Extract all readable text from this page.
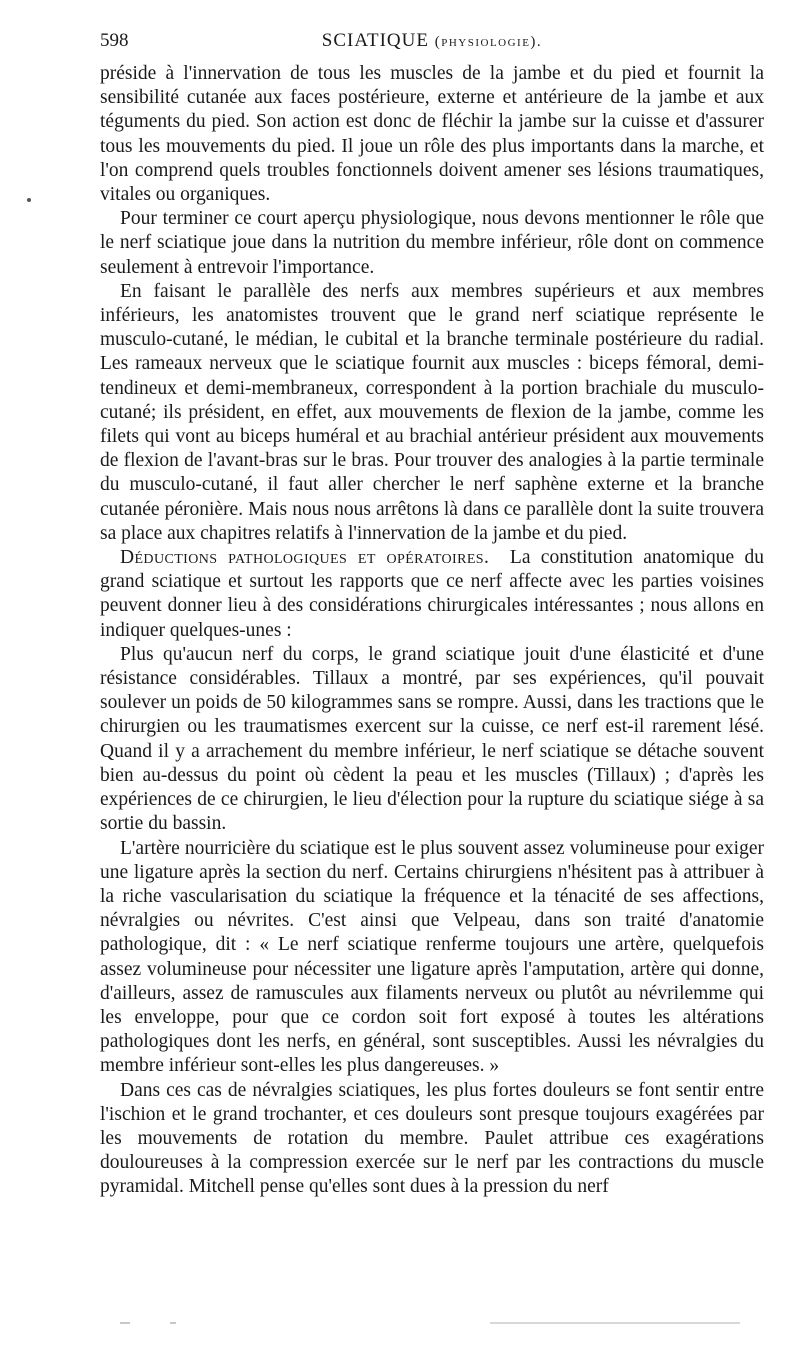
598	SCIATIQUE (physiologie).

préside à l'innervation de tous les muscles de la jambe et du pied et fournit la sensibilité cutanée aux faces postérieure, externe et antérieure de la jambe et aux téguments du pied. Son action est donc de fléchir la jambe sur la cuisse et d'assurer tous les mouvements du pied. Il joue un rôle des plus importants dans la marche, et l'on comprend quels troubles fonctionnels doivent amener ses lésions traumatiques, vitales ou organiques.

Pour terminer ce court aperçu physiologique, nous devons mentionner le rôle que le nerf sciatique joue dans la nutrition du membre inférieur, rôle dont on commence seulement à entrevoir l'importance.

En faisant le parallèle des nerfs aux membres supérieurs et aux membres inférieurs, les anatomistes trouvent que le grand nerf sciatique représente le musculo-cutané, le médian, le cubital et la branche terminale postérieure du radial. Les rameaux nerveux que le sciatique fournit aux muscles : biceps fémoral, demi-tendineux et demi-membraneux, correspondent à la portion brachiale du musculo-cutané; ils président, en effet, aux mouvements de flexion de la jambe, comme les filets qui vont au biceps huméral et au brachial antérieur président aux mouvements de flexion de l'avant-bras sur le bras. Pour trouver des analogies à la partie terminale du musculo-cutané, il faut aller chercher le nerf saphène externe et la branche cutanée péronière. Mais nous nous arrêtons là dans ce parallèle dont la suite trouvera sa place aux chapitres relatifs à l'innervation de la jambe et du pied.

Déductions pathologiques et opératoires. La constitution anatomique du grand sciatique et surtout les rapports que ce nerf affecte avec les parties voisines peuvent donner lieu à des considérations chirurgicales intéressantes ; nous allons en indiquer quelques-unes :

Plus qu'aucun nerf du corps, le grand sciatique jouit d'une élasticité et d'une résistance considérables. Tillaux a montré, par ses expériences, qu'il pouvait soulever un poids de 50 kilogrammes sans se rompre. Aussi, dans les tractions que le chirurgien ou les traumatismes exercent sur la cuisse, ce nerf est-il rarement lésé. Quand il y a arrachement du membre inférieur, le nerf sciatique se détache souvent bien au-dessus du point où cèdent la peau et les muscles (Tillaux) ; d'après les expériences de ce chirurgien, le lieu d'élection pour la rupture du sciatique siége à sa sortie du bassin.

L'artère nourricière du sciatique est le plus souvent assez volumineuse pour exiger une ligature après la section du nerf. Certains chirurgiens n'hésitent pas à attribuer à la riche vascularisation du sciatique la fréquence et la ténacité de ses affections, névralgies ou névrites. C'est ainsi que Velpeau, dans son traité d'anatomie pathologique, dit : « Le nerf sciatique renferme toujours une artère, quelquefois assez volumineuse pour nécessiter une ligature après l'amputation, artère qui donne, d'ailleurs, assez de ramuscules aux filaments nerveux ou plutôt au névrilemme qui les enveloppe, pour que ce cordon soit fort exposé à toutes les altérations pathologiques dont les nerfs, en général, sont susceptibles. Aussi les névralgies du membre inférieur sont-elles les plus dangereuses. »

Dans ces cas de névralgies sciatiques, les plus fortes douleurs se font sentir entre l'ischion et le grand trochanter, et ces douleurs sont presque toujours exagérées par les mouvements de rotation du membre. Paulet attribue ces exagérations douloureuses à la compression exercée sur le nerf par les contractions du muscle pyramidal. Mitchell pense qu'elles sont dues à la pression du nerf
